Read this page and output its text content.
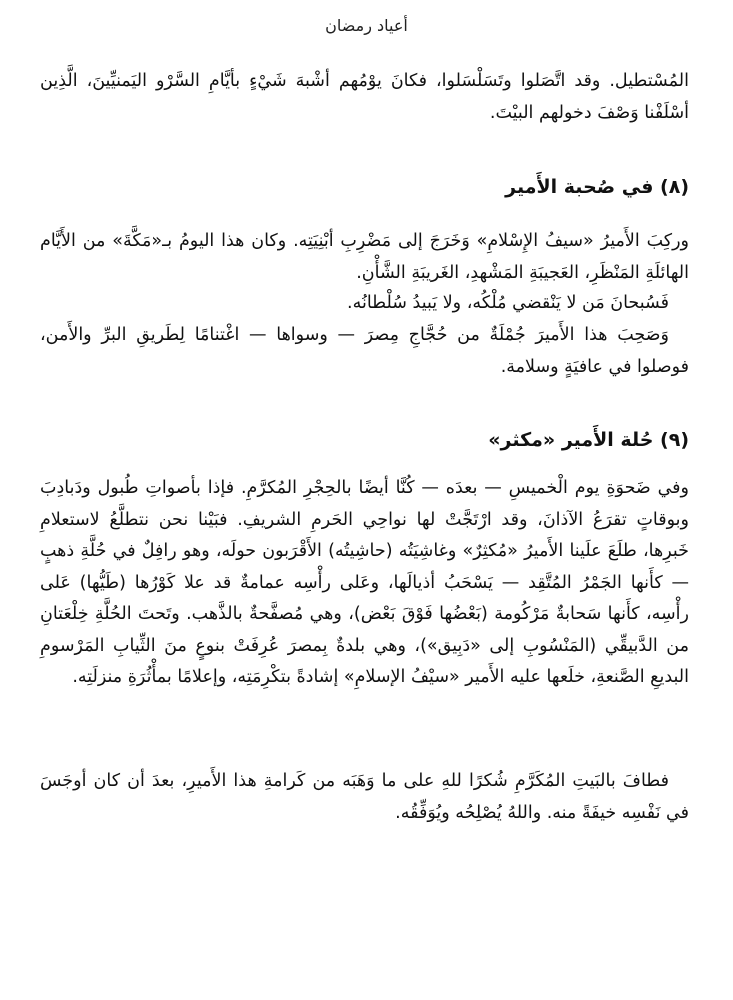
أعياد رمضان

المُسْتطيل. وقد اتَّصَلوا وتَسَلْسَلوا، فكانَ يوْمُهم أشْبهَ شَيْءٍ بأيَّامِ السَّرْو اليَمنيِّينَ، الَّذِين أسْلَفْنا وَصْفَ دخولهم البيْتَ.

(٨) في صُحبة الأَمير

وركِبَ الأَميرُ «سيفُ الإِسْلامِ» وَخَرَجَ إلى مَضْرِبِ أبْنِيَتِه. وكان هذا اليومُ بـ«مَكَّةَ» من الأَيَّام الهائلَةِ المَنْظَرِ، العَجيبَةِ المَشْهدِ، الغَريبَةِ الشَّأْنِ.

فَسُبحانَ مَن لا يَنْقضي مُلْكُه، ولا يَبيدُ سُلْطانُه.

وَصَحِبَ هذا الأَميرَ جُمْلَةٌ من حُجَّاجِ مِصرَ — وسواها — اغْتنامًا لِطَريقِ البرِّ والأَمن، فوصلوا في عافيَةٍ وسلامة.

(٩) حُلة الأَمير «مكثر»

وفي ضَحوَةِ يوم الْخميسِ — بعدَه — كُنَّا أيضًا بالحِجْرِ المُكرَّمِ. فإذا بأصواتِ طُبول ودَبادِبَ وبوقاتٍ تقرَعُ الآذانَ، وقد ارْتَجَّتْ لها نواحِي الحَرمِ الشريفِ. فبَيْنا نحن نتطلَّعُ لاستعلامِ خَبرِها، طلَعَ علَينا الأَميرُ «مُكثِرٌ» وغاشِيَتُه (حاشِيتُه) الأَقْرَبون حولَه، وهو رافِلٌ في حُلَّةِ ذهبٍ — كأَنها الجَمْرُ المُتَّقِد — يَسْحَبُ أذيالَها، وعَلى رأْسِه عمامةٌ قد علا كَوْرُها (طَيُّها) عَلى رأْسِه، كأَنها سَحابةٌ مَرْكُومة (بَعْضُها فَوْقَ بَعْض)، وهي مُصفَّحةٌ بالذَّهب. وتَحتَ الحُلَّةِ خِلْعَتانِ من الدَّبيقِّي (المَنْسُوبِ إلى «دَبِيق»)، وهي بلدةٌ بِمصرَ عُرِفَتْ بنوعٍ منَ الثِّيابِ المَرْسومِ البديعِ الصَّنعةِ، خلَعها عليه الأَمير «سيْفُ الإسلامِ» إشادةً بتكْرِمَتِه، وإعلامًا بمأْثُرَةِ منزلَتِه.

فطافَ بالبَيتِ المُكَرَّمِ شُكرًا للهِ على ما وَهَبَه من كَرامةِ هذا الأَميرِ، بعدَ أن كان أوجَسَ في نَفْسِه خيفَةً منه. واللهُ يُصْلِحُه ويُوَفِّقُه.
